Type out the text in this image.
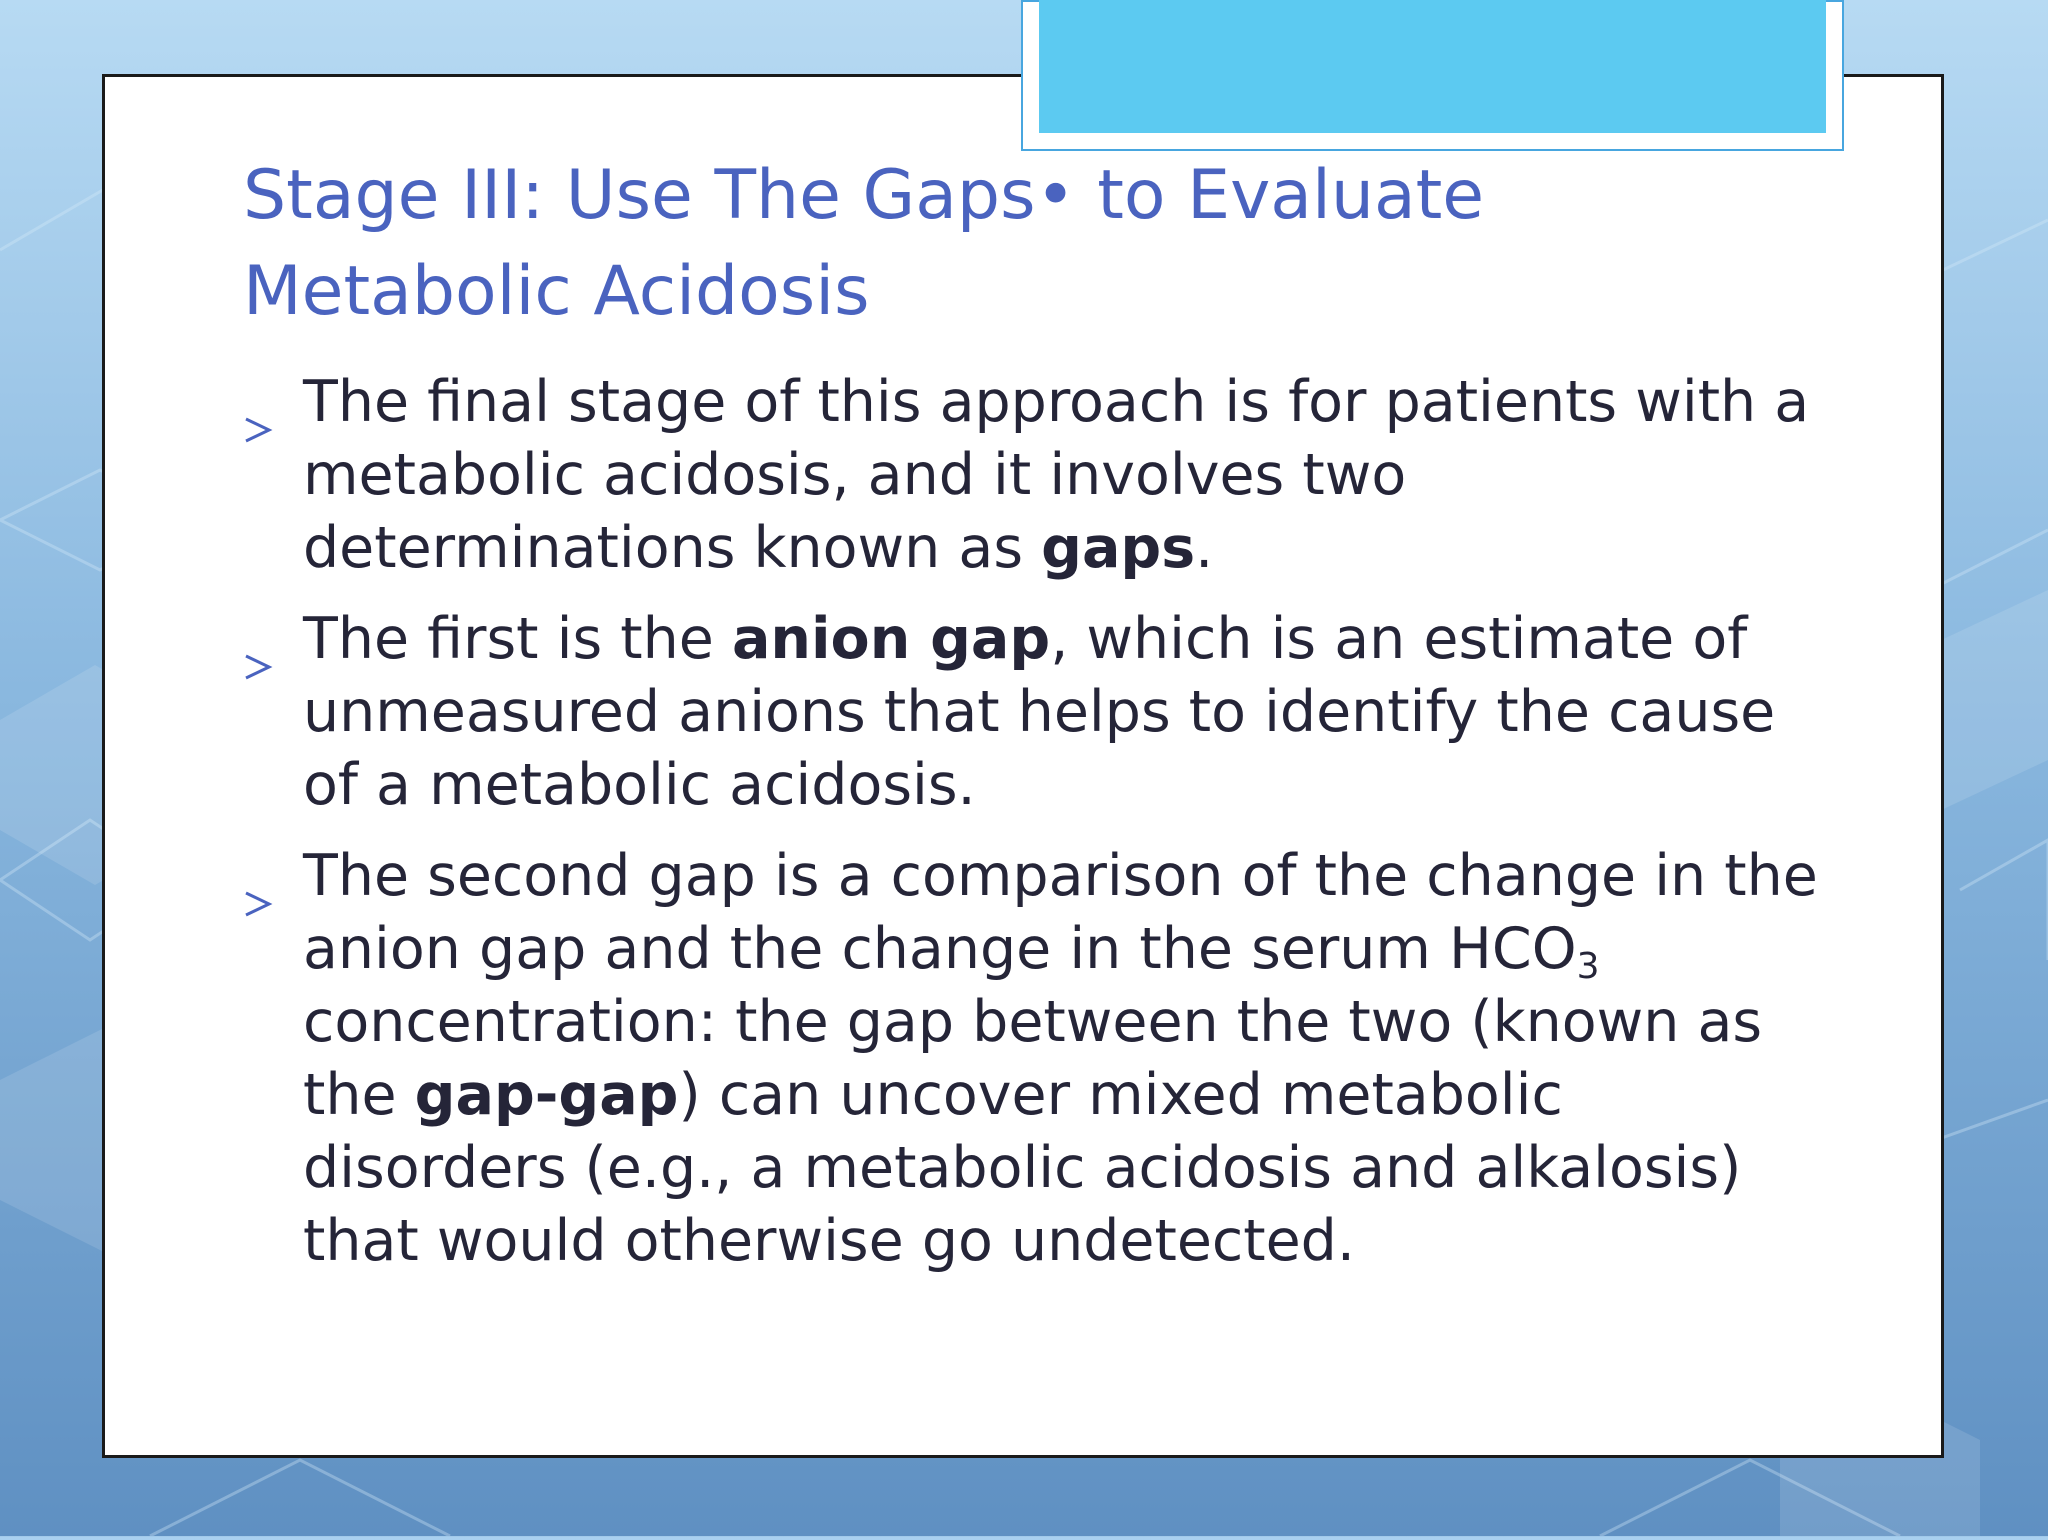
Stage III: Use The Gaps• to Evaluate Metabolic Acidosis
The final stage of this approach is for patients with a metabolic acidosis, and it involves two determinations known as gaps.
The first is the anion gap, which is an estimate of unmeasured anions that helps to identify the cause of a metabolic acidosis.
The second gap is a comparison of the change in the anion gap and the change in the serum $HCO_3$ concentration: the gap between the two (known as the gap-gap) can uncover mixed metabolic disorders (e.g., a metabolic acidosis and alkalosis) that would otherwise go undetected.
